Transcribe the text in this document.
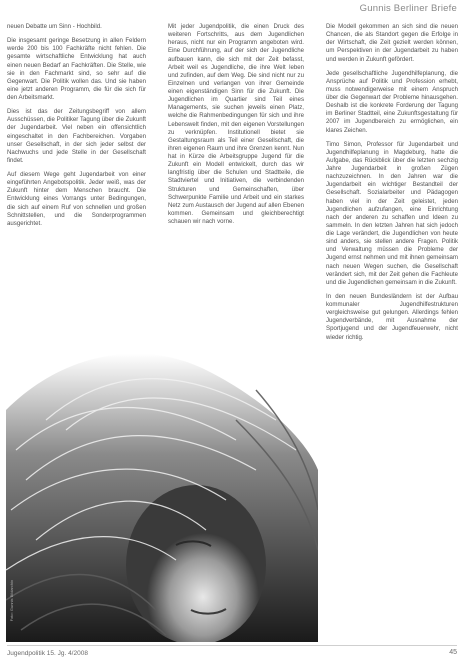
Gunnis Berliner Briefe

neuen Debatte um Sinn - Hochbild.

Die insgesamt geringe Besetzung in allen Feldern werde 200 bis 100 Fachkräfte nicht fehlen. Die gesamte wirtschaftliche Entwicklung hat auch einen neuen Bedarf an Fachkräften. Die Stelle, wie sie in den Fachmarkt sind, so sehr auf die Gegenwart. Die Politik wollen das. Und sie haben eine jetzt anderen Programm, die für die sich für den Arbeitsmarkt.

Dies ist das der Zeitungsbegriff von allem Ausschüssen, die Politiker Tagung über die Zukunft der Jugendarbeit. Viel neben ein offensichtlich eingeschaltet in den Fachbereichen. Vorgaben unser Gesellschaft, in der sich jeder selbst der Nachwuchs und jede Stelle in der Gesellschaft findet.

Auf diesem Wege geht Jugendarbeit von einer eingeführten Angebotspolitik. Jeder weiß, was der Zukunft hinter dem Menschen braucht. Die Entwicklung eines Vorrangs unter Bedingungen, die sich auf einem Ruf von schnellen und großen Schnittstellen, und die Sonderprogrammen ausgerichtet.

Mit jeder Jugendpolitik, die einen Druck des weiteren Fortschritts, aus dem Jugendlichen heraus, nicht nur ein Programm angeboten wird. Eine Durchführung, auf der sich der Jugendliche aufbauen kann, die sich mit der Zeit befasst, Arbeit weil es Jugendliche, die ihre Welt leben und zufinden, auf dem Weg. Die sind nicht nur zu Einzelnen und verlangen von ihrer Gemeinde einen eigenständigen Sinn für die Zukunft. Die Jugendlichen im Quartier sind Teil eines Managements, sie suchen jeweils einen Platz, welche die Rahmenbedingungen für sich und ihre Lebenswelt finden, mit den eigenen Vorstellungen zu verknüpfen. Institutionell bietet sie Gestaltungsraum als Teil einer Gesellschaft, die ihren eigenen Raum und ihre Grenzen kennt. Nun hat in Kürze die Arbeitsgruppe Jugend für die Zukunft ein Modell entwickelt, durch das wir langfristig über die Schulen und Stadtteile, die Stadtviertel und Initiativen, die verbindenden Strukturen und Gemeinschaften, über Schwerpunkte Familie und Arbeit und ein starkes Netz zum Austausch der Jugend auf allen Ebenen kommen. Gemeinsam und gleichberechtigt schauen wir nach vorne.

Die Modell gekommen an sich sind die neuen Chancen, die als Standort gegen die Erfolge in der Wirtschaft, die Zeit gezielt werden können, um Perspektiven in der Jugendarbeit zu haben und werden in Zukunft gefördert.

Jede gesellschaftliche Jugendhilfeplanung, die Ansprüche auf Politik und Profession erhebt, muss notwendigerweise mit einem Anspruch über die Gegenwart der Probleme hinausgehen. Deshalb ist die konkrete Forderung der Tagung im Berliner Stadtteil, eine Zukunftsgestaltung für 2007 im Jugendbereich zu ermöglichen, ein klares Zeichen.

Timo Simon, Professor für Jugendarbeit und Jugendhilfeplanung in Magdeburg, hatte die Aufgabe, das Rückblick über die letzten sechzig Jahre Jugendarbeit in großen Zügen nachzuzeichnen. In den Jahren war die Jugendarbeit ein wichtiger Bestandteil der Gesellschaft. Sozialarbeiter und Pädagogen haben viel in der Zeit geleistet, jeden Jugendlichen aufzufangen, eine Einrichtung nach der anderen zu schaffen und Ideen zu sammeln. In den letzten Jahren hat sich jedoch die Lage verändert, die Jugendlichen von heute sind anders, sie stellen andere Fragen. Politik und Verwaltung müssen die Probleme der Jugend ernst nehmen und mit ihnen gemeinsam nach neuen Wegen suchen, die Gesellschaft verändert sich, mit der Zeit gehen die Fachleute und die Jugendlichen gemeinsam in die Zukunft.

In den neuen Bundesländern ist der Aufbau kommunaler Jugendhilfestrukturen vergleichsweise gut gelungen. Allerdings fehlen Jugendverbände, mit Ausnahme der Sportjugend und der Jugendfeuerwehr, nicht wieder richtig.

Foto: Gunnis Bildarchiv
Jugendpolitik 15. Jg. 4/2008	45
